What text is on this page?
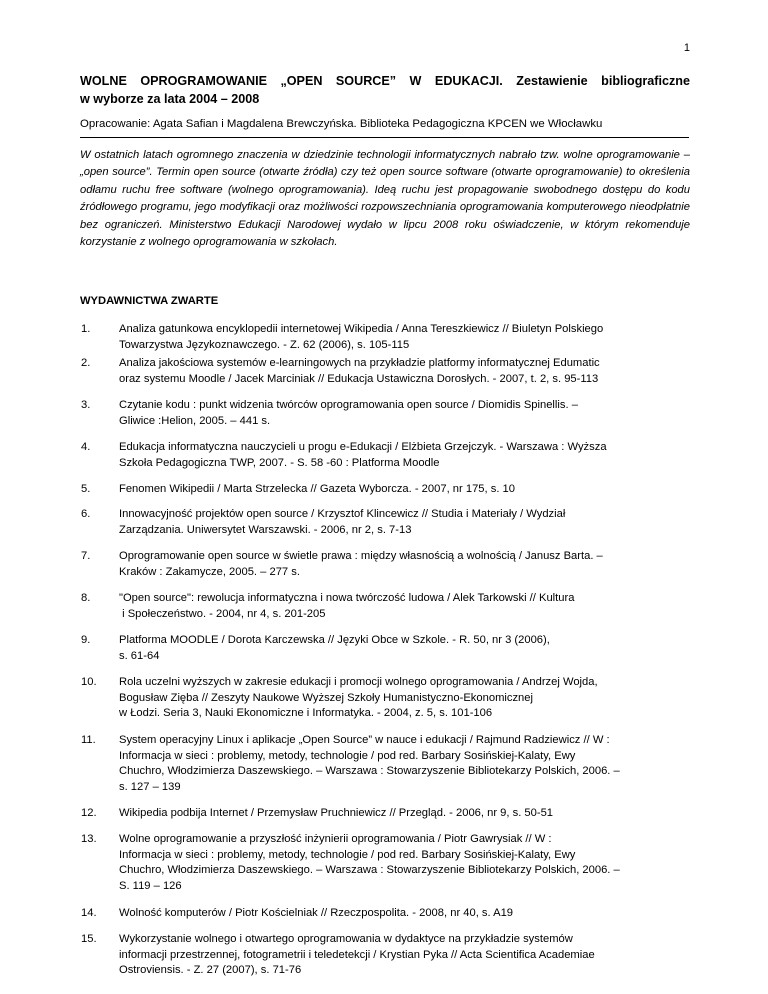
1
WOLNE OPROGRAMOWANIE „OPEN SOURCE” W EDUKACJI. Zestawienie bibliograficzne
w wyborze za lata 2004 – 2008
Opracowanie: Agata Safian i Magdalena Brewczyńska. Biblioteka Pedagogiczna KPCEN we Włocławku
W ostatnich latach ogromnego znaczenia w dziedzinie technologii informatycznych nabrało tzw. wolne oprogramowanie – „open source”. Termin open source (otwarte źródła) czy też open source software (otwarte oprogramowanie) to określenia odłamu ruchu free software (wolnego oprogramowania). Ideą ruchu jest propagowanie swobodnego dostępu do kodu źródłowego programu, jego modyfikacji oraz możliwości rozpowszechniania oprogramowania komputerowego nieodpłatnie bez ograniczeń. Ministerstwo Edukacji Narodowej wydało w lipcu 2008 roku oświadczenie, w którym rekomenduje korzystanie z wolnego oprogramowania w szkołach.
WYDAWNICTWA ZWARTE
1.	Analiza gatunkowa encyklopedii internetowej Wikipedia / Anna Tereszkiewicz // Biuletyn Polskiego
Towarzystwa Językoznawczego. - Z. 62 (2006), s. 105-115
2.	Analiza jakościowa systemów e-learningowych na przykładzie platformy informatycznej Edumatic
oraz systemu Moodle / Jacek Marciniak // Edukacja Ustawiczna Dorosłych. - 2007, t. 2, s. 95-113
3.	Czytanie kodu : punkt widzenia twórców oprogramowania open source / Diomidis Spinellis. –
Gliwice :Helion, 2005. – 441 s.
4.	Edukacja informatyczna nauczycieli u progu e-Edukacji / Elżbieta Grzejczyk. - Warszawa : Wyższa
Szkoła Pedagogiczna TWP, 2007. - S. 58 -60 : Platforma Moodle
5.	Fenomen Wikipedii / Marta Strzelecka // Gazeta Wyborcza. - 2007, nr 175, s. 10
6.	Innowacyjność projektów open source / Krzysztof Klincewicz // Studia i Materiały / Wydział
Zarządzania. Uniwersytet Warszawski. - 2006, nr 2, s. 7-13
7.	Oprogramowanie open source w świetle prawa : między własnością a wolnością / Janusz Barta. –
Kraków : Zakamycze, 2005. – 277 s.
8.	"Open source": rewolucja informatyczna i nowa twórczość ludowa / Alek Tarkowski // Kultura
i Społeczeństwo. - 2004, nr 4, s. 201-205
9.	Platforma MOODLE / Dorota Karczewska // Języki Obce w Szkole. - R. 50, nr 3 (2006),
s. 61-64
10.	Rola uczelni wyższych w zakresie edukacji i promocji wolnego oprogramowania / Andrzej Wojda,
Bogusław Zięba // Zeszyty Naukowe Wyższej Szkoły Humanistyczno-Ekonomicznej
w Łodzi. Seria 3, Nauki Ekonomiczne i Informatyka. - 2004, z. 5, s. 101-106
11.	System operacyjny Linux i aplikacje „Open Source” w nauce i edukacji / Rajmund Radziewicz // W :
Informacja w sieci : problemy, metody, technologie / pod red. Barbary Sosińskiej-Kalaty, Ewy
Chuchro, Włodzimierza Daszewskiego. – Warszawa : Stowarzyszenie Bibliotekarzy Polskich, 2006. –
s. 127 – 139
12.	Wikipedia podbija Internet / Przemysław Pruchniewicz // Przegląd. - 2006, nr 9, s. 50-51
13.	Wolne oprogramowanie a przyszłość inżynierii oprogramowania / Piotr Gawrysiak // W :
Informacja w sieci : problemy, metody, technologie / pod red. Barbary Sosińskiej-Kalaty, Ewy
Chuchro, Włodzimierza Daszewskiego. – Warszawa : Stowarzyszenie Bibliotekarzy Polskich, 2006. –
S. 119 – 126
14.	Wolność komputerów / Piotr Kościelniak // Rzeczpospolita. - 2008, nr 40, s. A19
15.	Wykorzystanie wolnego i otwartego oprogramowania w dydaktyce na przykładzie systemów
informacji przestrzennej, fotogrametrii i teledetekcji / Krystian Pyka // Acta Scientifica Academiae
Ostroviensis. - Z. 27 (2007), s. 71-76
